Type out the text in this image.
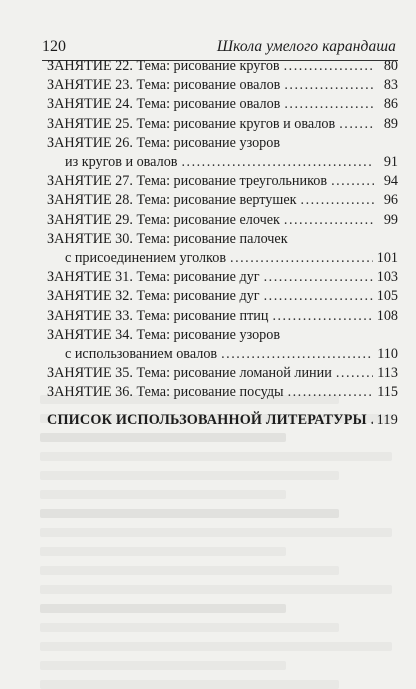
120	Школа умелого карандаша
ЗАНЯТИЕ 22. Тема: рисование кругов .....	80
ЗАНЯТИЕ 23. Тема: рисование овалов .....	83
ЗАНЯТИЕ 24. Тема: рисование овалов .....	86
ЗАНЯТИЕ 25. Тема: рисование кругов и овалов .....	89
ЗАНЯТИЕ 26. Тема: рисование узоров
из кругов и овалов .....	91
ЗАНЯТИЕ 27. Тема: рисование треугольников .....	94
ЗАНЯТИЕ 28. Тема: рисование вертушек .....	96
ЗАНЯТИЕ 29. Тема: рисование елочек .....	99
ЗАНЯТИЕ 30. Тема: рисование палочек
с присоединением уголков .....	101
ЗАНЯТИЕ 31. Тема: рисование дуг .....	103
ЗАНЯТИЕ 32. Тема: рисование дуг .....	105
ЗАНЯТИЕ 33. Тема: рисование птиц .....	108
ЗАНЯТИЕ 34. Тема: рисование узоров
с использованием овалов .....	110
ЗАНЯТИЕ 35. Тема: рисование ломаной линии .....	113
ЗАНЯТИЕ 36. Тема: рисование посуды .....	115
СПИСОК ИСПОЛЬЗОВАННОЙ ЛИТЕРАТУРЫ ..... 119
